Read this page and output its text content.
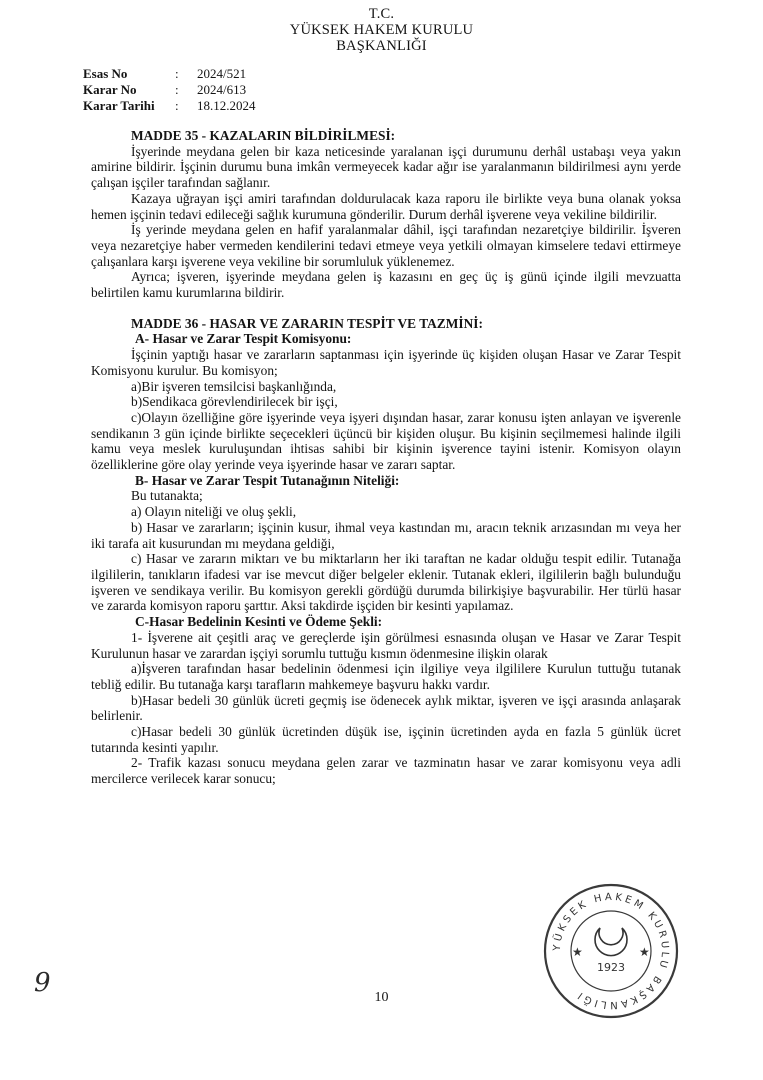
T.C.
YÜKSEK HAKEM KURULU
BAŞKANLIĞI
Esas No	:	2024/521
Karar No	:	2024/613
Karar Tarihi	:	18.12.2024

MADDE 35 - KAZALARIN BİLDİRİLMESİ:

İşyerinde meydana gelen bir kaza neticesinde yaralanan işçi durumunu derhâl ustabaşı veya yakın amirine bildirir. İşçinin durumu buna imkân vermeyecek kadar ağır ise yaralanmanın bildirilmesi aynı yerde çalışan işçiler tarafından sağlanır.

Kazaya uğrayan işçi amiri tarafından doldurulacak kaza raporu ile birlikte veya buna olanak yoksa hemen işçinin tedavi edileceği sağlık kurumuna gönderilir. Durum derhâl işverene veya vekiline bildirilir.

İş yerinde meydana gelen en hafif yaralanmalar dâhil, işçi tarafından nezaretçiye bildirilir. İşveren veya nezaretçiye haber vermeden kendilerini tedavi etmeye veya yetkili olmayan kimselere tedavi ettirmeye çalışanlara karşı işverene veya vekiline bir sorumluluk yüklenemez.

Ayrıca; işveren, işyerinde meydana gelen iş kazasını en geç üç iş günü içinde ilgili mevzuatta belirtilen kamu kurumlarına bildirir.

MADDE 36 - HASAR VE ZARARIN TESPİT VE TAZMİNİ:

A- Hasar ve Zarar Tespit Komisyonu:

İşçinin yaptığı hasar ve zararların saptanması için işyerinde üç kişiden oluşan Hasar ve Zarar Tespit Komisyonu kurulur. Bu komisyon;

a)Bir işveren temsilcisi başkanlığında,

b)Sendikaca görevlendirilecek bir işçi,

c)Olayın özelliğine göre işyerinde veya işyeri dışından hasar, zarar konusu işten anlayan ve işverenle sendikanın 3 gün içinde birlikte seçecekleri üçüncü bir kişiden oluşur. Bu kişinin seçilmemesi halinde ilgili kamu veya meslek kuruluşundan ihtisas sahibi bir kişinin işverence tayini istenir. Komisyon olayın özelliklerine göre olay yerinde veya işyerinde hasar ve zararı saptar.

B- Hasar ve Zarar Tespit Tutanağının Niteliği:

Bu tutanakta;

a) Olayın niteliği ve oluş şekli,

b) Hasar ve zararların; işçinin kusur, ihmal veya kastından mı, aracın teknik arızasından mı veya her iki tarafa ait kusurundan mı meydana geldiği,

c) Hasar ve zararın miktarı ve bu miktarların her iki taraftan ne kadar olduğu tespit edilir. Tutanağa ilgililerin, tanıkların ifadesi var ise mevcut diğer belgeler eklenir. Tutanak ekleri, ilgililerin bağlı bulunduğu işveren ve sendikaya verilir. Bu komisyon gerekli gördüğü durumda bilirkişiye başvurabilir. Her türlü hasar ve zararda komisyon raporu şarttır. Aksi takdirde işçiden bir kesinti yapılamaz.

C-Hasar Bedelinin Kesinti ve Ödeme Şekli:

1- İşverene ait çeşitli araç ve gereçlerde işin görülmesi esnasında oluşan ve Hasar ve Zarar Tespit Kurulunun hasar ve zarardan işçiyi sorumlu tuttuğu kısmın ödenmesine ilişkin olarak

a)İşveren tarafından hasar bedelinin ödenmesi için ilgiliye veya ilgililere Kurulun tuttuğu tutanak tebliğ edilir. Bu tutanağa karşı tarafların mahkemeye başvuru hakkı vardır.

b)Hasar bedeli 30 günlük ücreti geçmiş ise ödenecek aylık miktar, işveren ve işçi arasında anlaşarak belirlenir.

c)Hasar bedeli 30 günlük ücretinden düşük ise, işçinin ücretinden ayda en fazla 5 günlük ücret tutarında kesinti yapılır.

2- Trafik kazası sonucu meydana gelen zarar ve tazminatın hasar ve zarar komisyonu veya adli mercilerce verilecek karar sonucu;

9
YÜKSEK HAKEM KURULU BAŞKANLIĞI
1923
★	★
10
